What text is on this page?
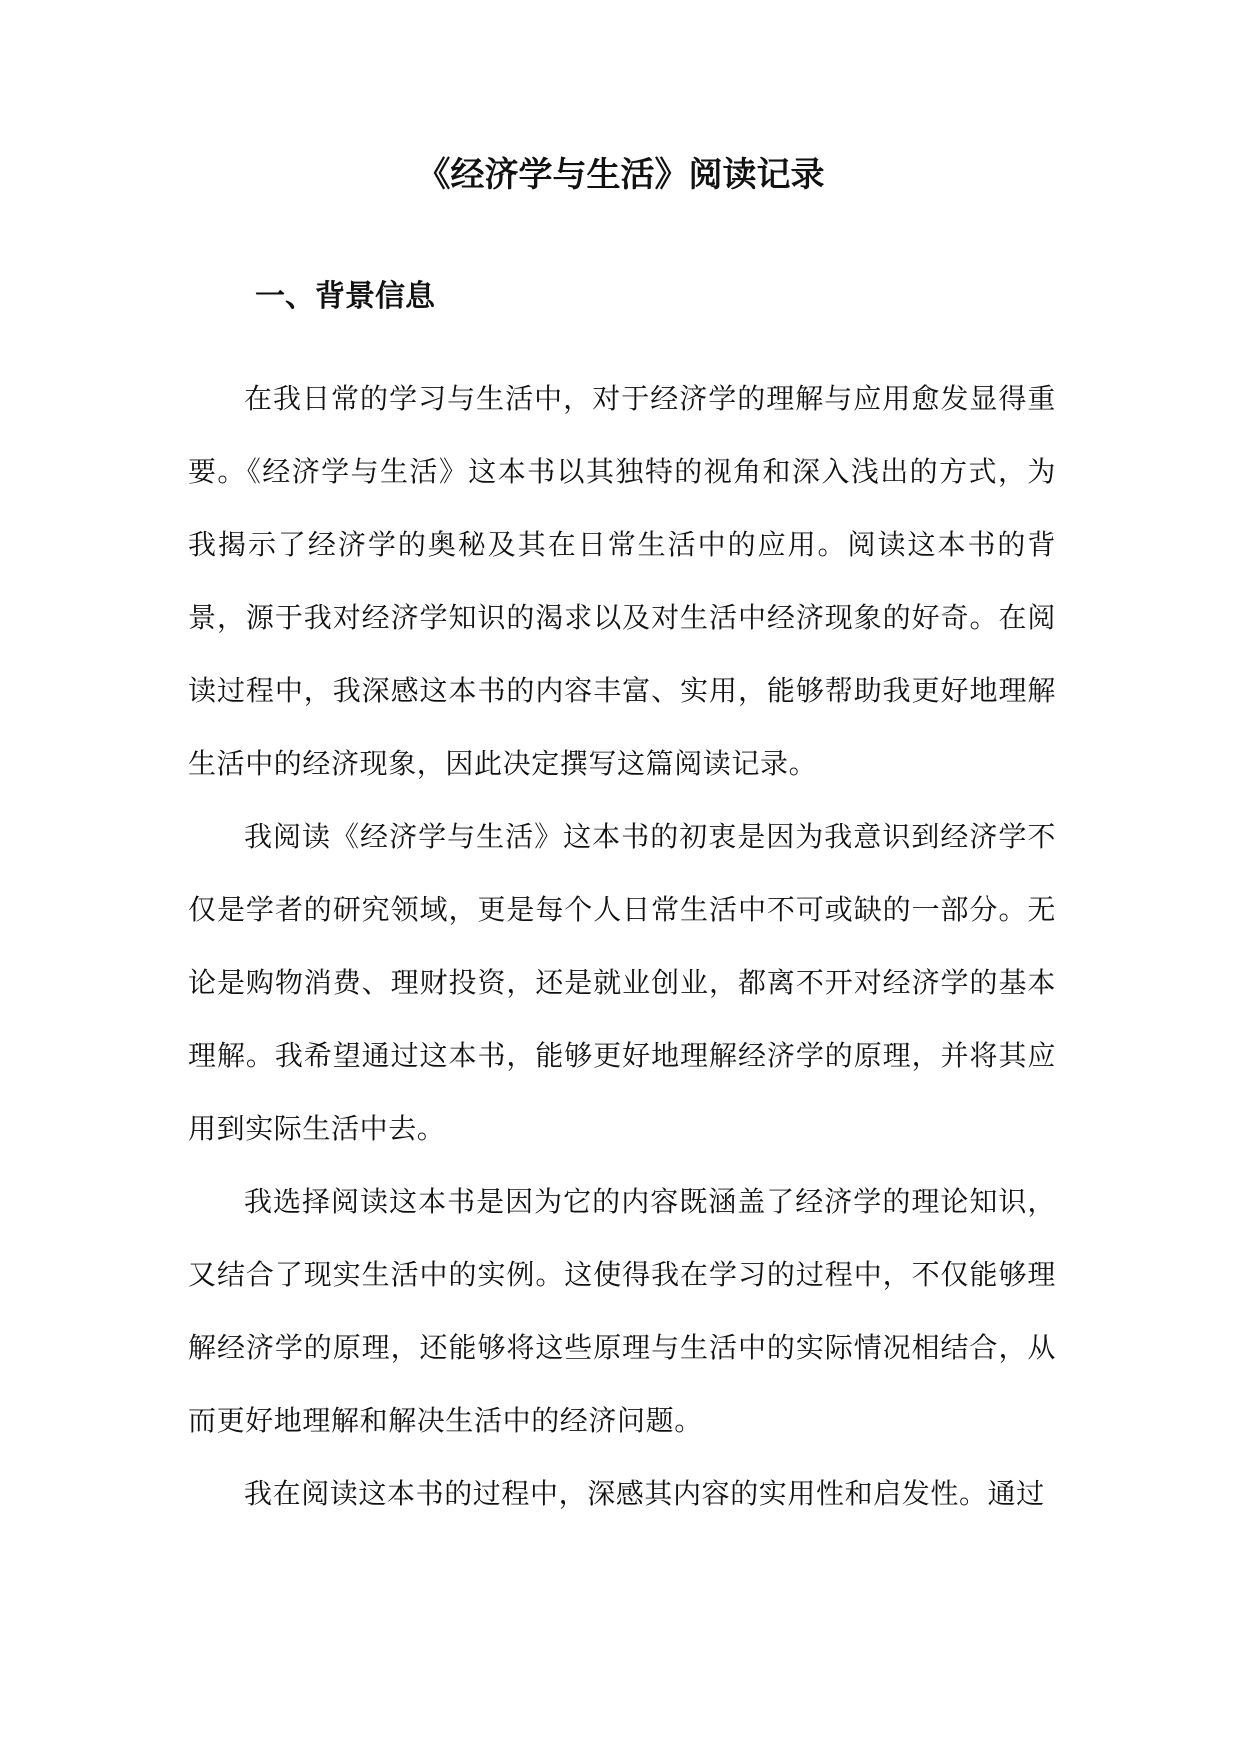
《经济学与生活》阅读记录
一、背景信息

在我日常的学习与生活中，对于经济学的理解与应用愈发显得重要。《经济学与生活》这本书以其独特的视角和深入浅出的方式，为我揭示了经济学的奥秘及其在日常生活中的应用。阅读这本书的背景，源于我对经济学知识的渴求以及对生活中经济现象的好奇。在阅读过程中，我深感这本书的内容丰富、实用，能够帮助我更好地理解生活中的经济现象，因此决定撰写这篇阅读记录。

我阅读《经济学与生活》这本书的初衷是因为我意识到经济学不仅是学者的研究领域，更是每个人日常生活中不可或缺的一部分。无论是购物消费、理财投资，还是就业创业，都离不开对经济学的基本理解。我希望通过这本书，能够更好地理解经济学的原理，并将其应用到实际生活中去。

我选择阅读这本书是因为它的内容既涵盖了经济学的理论知识，又结合了现实生活中的实例。这使得我在学习的过程中，不仅能够理解经济学的原理，还能够将这些原理与生活中的实际情况相结合，从而更好地理解和解决生活中的经济问题。

我在阅读这本书的过程中，深感其内容的实用性和启发性。通过
